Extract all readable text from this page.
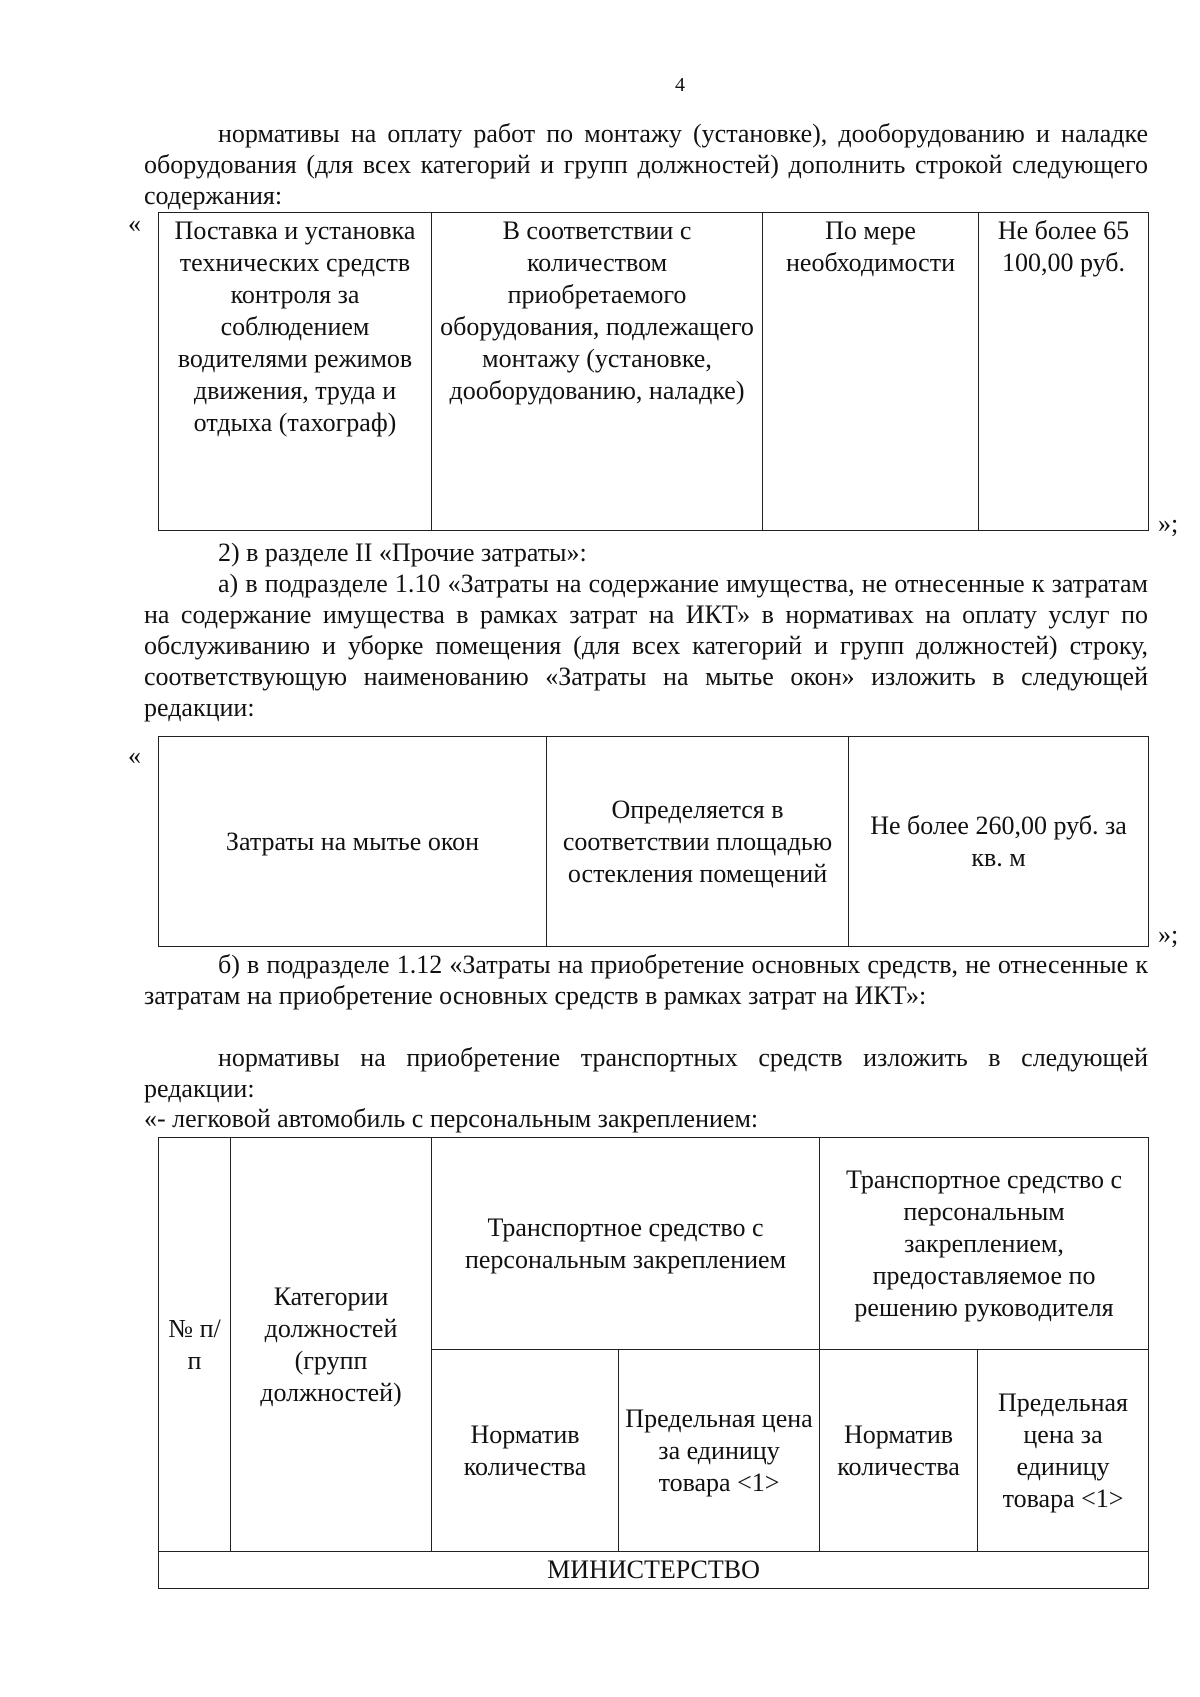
4
нормативы на оплату работ по монтажу (установке), дооборудованию и наладке оборудования (для всех категорий и групп должностей) дополнить строкой следующего содержания:
« Поставка и установка технических средств контроля за соблюдением водителями режимов движения, труда и отдыха (тахограф)	В соответствии с количеством приобретаемого оборудования, подлежащего монтажу (установке, дооборудованию, наладке)	По мере необходимости	Не более 65 100,00 руб.
»;
2) в разделе II «Прочие затраты»:
а) в подразделе 1.10 «Затраты на содержание имущества, не отнесенные к затратам на содержание имущества в рамках затрат на ИКТ» в нормативах на оплату услуг по обслуживанию и уборке помещения (для всех категорий и групп должностей) строку, соответствующую наименованию «Затраты на мытье окон» изложить в следующей редакции:
«
Затраты на мытье окон	Определяется в соответствии площадью остекления помещений	Не более 260,00 руб. за кв. м
»;
б) в подразделе 1.12 «Затраты на приобретение основных средств, не отнесенные к затратам на приобретение основных средств в рамках затрат на ИКТ»:
нормативы на приобретение транспортных средств изложить в следующей редакции:
«- легковой автомобиль с персональным закреплением:
№ п/п	Категории должностей (групп должностей)	Транспортное средство с персональным закреплением		Транспортное средство с персональным закреплением, предоставляемое по решению руководителя	
		Норматив количества	Предельная цена за единицу товара <1>	Норматив количества	Предельная цена за единицу товара <1>
МИНИСТЕРСТВО					
